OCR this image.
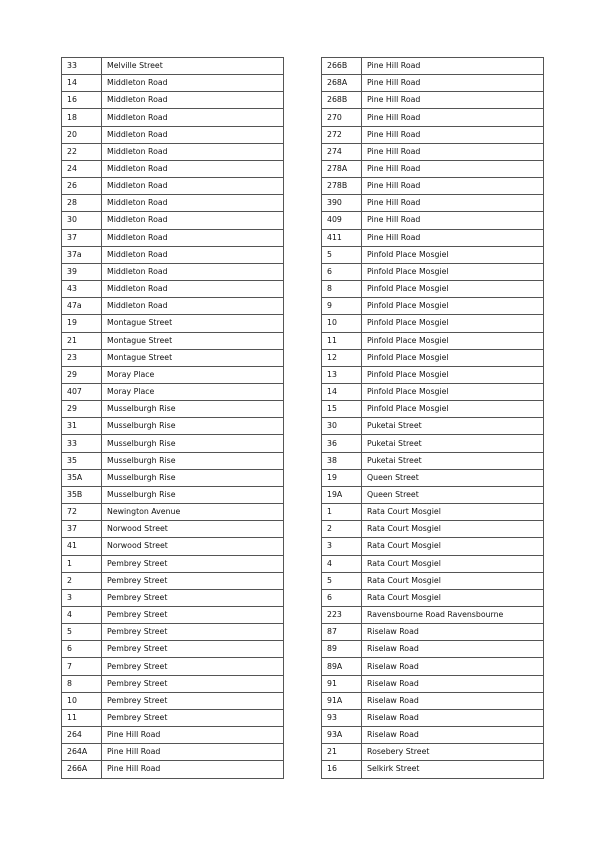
33	Melville Street
14	Middleton Road
16	Middleton Road
18	Middleton Road
20	Middleton Road
22	Middleton Road
24	Middleton Road
26	Middleton Road
28	Middleton Road
30	Middleton Road
37	Middleton Road
37a	Middleton Road
39	Middleton Road
43	Middleton Road
47a	Middleton Road
19	Montague Street
21	Montague Street
23	Montague Street
29	Moray Place
407	Moray Place
29	Musselburgh Rise
31	Musselburgh Rise
33	Musselburgh Rise
35	Musselburgh Rise
35A	Musselburgh Rise
35B	Musselburgh Rise
72	Newington Avenue
37	Norwood Street
41	Norwood Street
1	Pembrey Street
2	Pembrey Street
3	Pembrey Street
4	Pembrey Street
5	Pembrey Street
6	Pembrey Street
7	Pembrey Street
8	Pembrey Street
10	Pembrey Street
11	Pembrey Street
264	Pine Hill Road
264A	Pine Hill Road
266A	Pine Hill Road
266B	Pine Hill Road
268A	Pine Hill Road
268B	Pine Hill Road
270	Pine Hill Road
272	Pine Hill Road
274	Pine Hill Road
278A	Pine Hill Road
278B	Pine Hill Road
390	Pine Hill Road
409	Pine Hill Road
411	Pine Hill Road
5	Pinfold Place Mosgiel
6	Pinfold Place Mosgiel
8	Pinfold Place Mosgiel
9	Pinfold Place Mosgiel
10	Pinfold Place Mosgiel
11	Pinfold Place Mosgiel
12	Pinfold Place Mosgiel
13	Pinfold Place Mosgiel
14	Pinfold Place Mosgiel
15	Pinfold Place Mosgiel
30	Puketai Street
36	Puketai Street
38	Puketai Street
19	Queen Street
19A	Queen Street
1	Rata Court Mosgiel
2	Rata Court Mosgiel
3	Rata Court Mosgiel
4	Rata Court Mosgiel
5	Rata Court Mosgiel
6	Rata Court Mosgiel
223	Ravensbourne Road Ravensbourne
87	Riselaw Road
89	Riselaw Road
89A	Riselaw Road
91	Riselaw Road
91A	Riselaw Road
93	Riselaw Road
93A	Riselaw Road
21	Rosebery Street
16	Selkirk Street
